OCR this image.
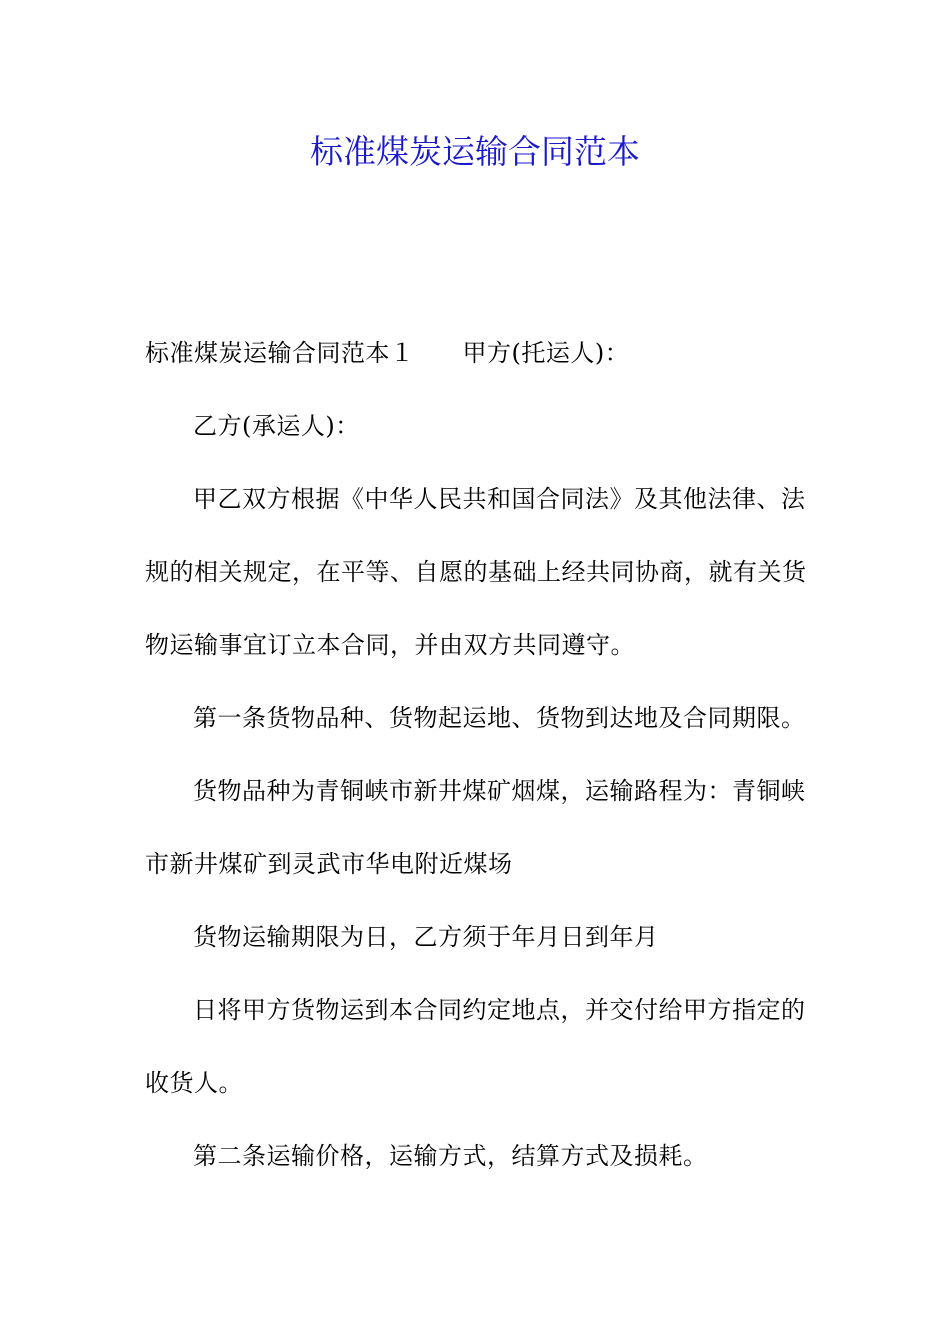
标准煤炭运输合同范本

标准煤炭运输合同范本１ 甲方(托运人)：

乙方(承运人)：

甲乙双方根据《中华人民共和国合同法》及其他法律、法

规的相关规定，在平等、自愿的基础上经共同协商，就有关货

物运输事宜订立本合同，并由双方共同遵守。

第一条货物品种、货物起运地、货物到达地及合同期限。

货物品种为青铜峡市新井煤矿烟煤，运输路程为：青铜峡

市新井煤矿到灵武市华电附近煤场

货物运输期限为日，乙方须于年月日到年月

日将甲方货物运到本合同约定地点，并交付给甲方指定的

收货人。

第二条运输价格，运输方式，结算方式及损耗。
